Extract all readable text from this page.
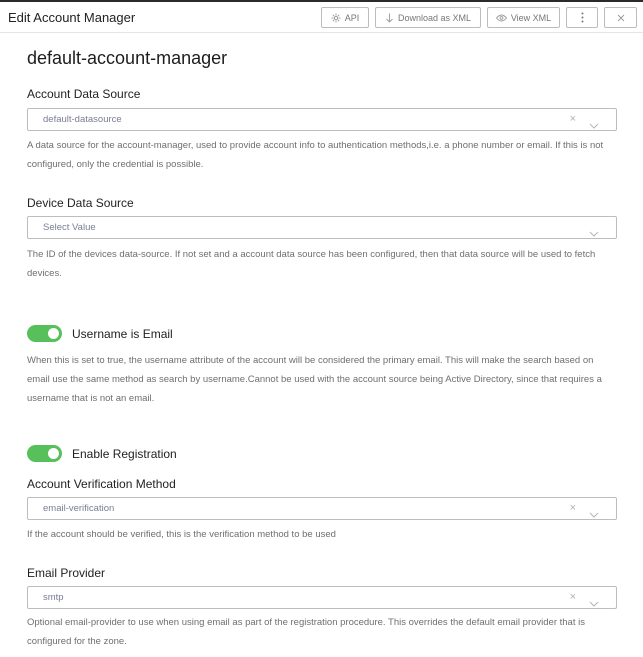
Edit Account Manager	API	Download as XML	View XML
default-account-manager
Account Data Source
default-datasource	×
A data source for the account-manager, used to provide account info to authentication methods,i.e. a phone number or email. If this is not configured, only the credential is possible.
Device Data Source
Select Value
The ID of the devices data-source. If not set and a account data source has been configured, then that data source will be used to fetch devices.
Username is Email
When this is set to true, the username attribute of the account will be considered the primary email. This will make the search based on email use the same method as search by username.Cannot be used with the account source being Active Directory, since that requires a username that is not an email.
Enable Registration
Account Verification Method
email-verification	×
If the account should be verified, this is the verification method to be used
Email Provider
smtp	×
Optional email-provider to use when using email as part of the registration procedure. This overrides the default email provider that is configured for the zone.
